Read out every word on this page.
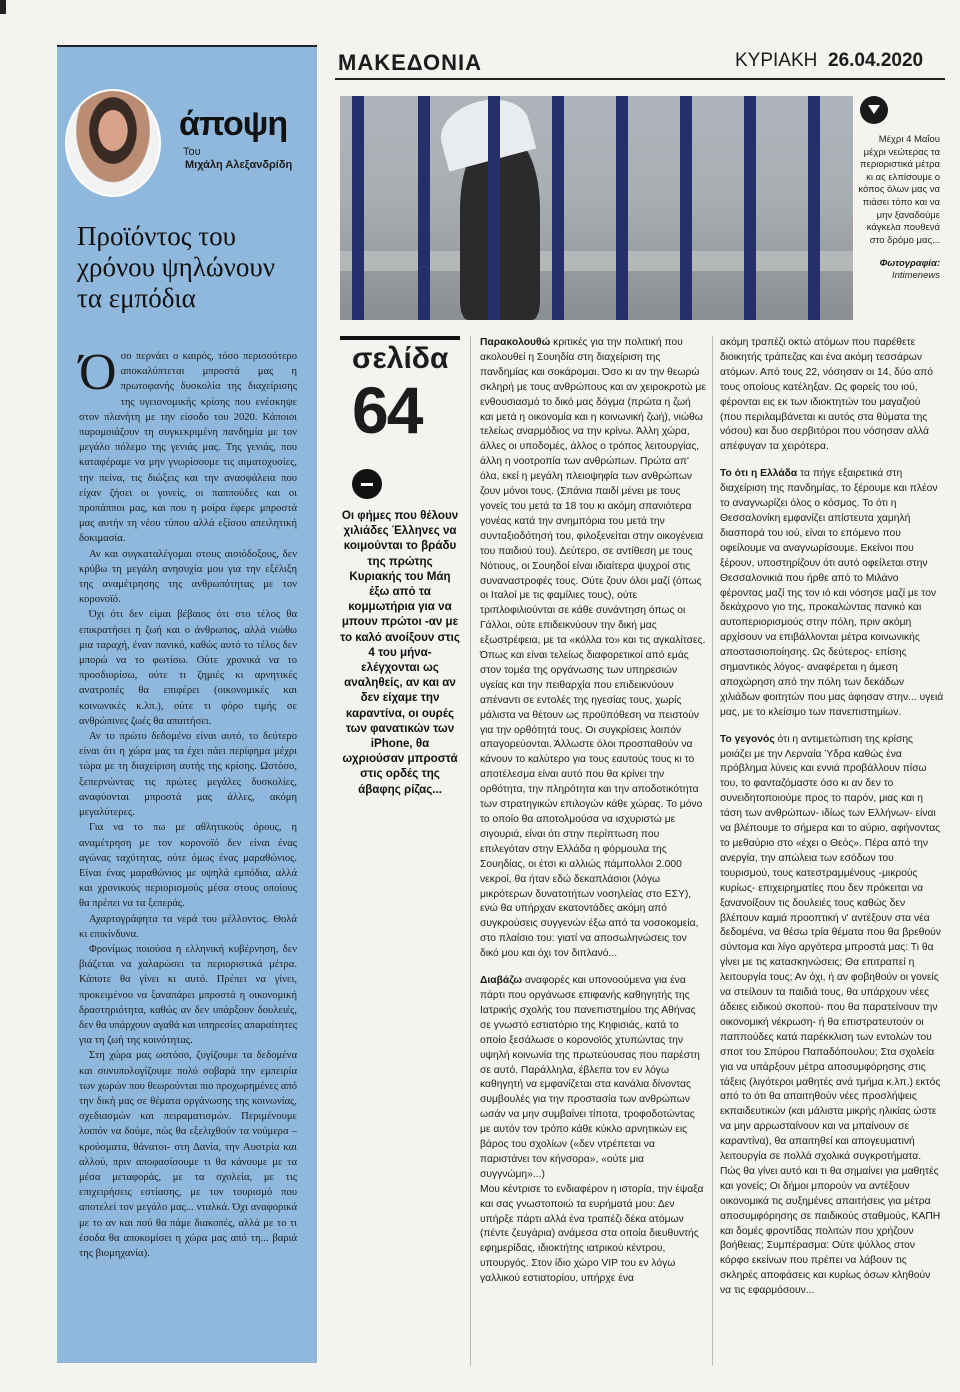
άποψη
Του
Μιχάλη Αλεξανδρίδη
Προϊόντος του χρόνου ψηλώνουν τα εμπόδια

Όσο περνάει ο καιρός, τόσο περισσότερο αποκαλύπτεται μπροστά μας η πρωτοφανής δυσκολία της διαχείρισης της υγειονομικής κρίσης που ενέσκηψε στον πλανήτη με την είσοδο του 2020. Κάποιοι παρομοιάζουν τη συγκεκριμένη πανδημία με τον μεγάλο πόλεμο της γενιάς μας. Της γενιάς, που καταφέραμε να μην γνωρίσουμε τις αιματοχυσίες, την πείνα, τις διώξεις και την ανασφάλεια που είχαν ζήσει οι γονείς, οι παππούδες και οι προπάπποι μας, και που η μοίρα έφερε μπροστά μας αυτήν τη νέου τύπου αλλά εξίσου απειλητική δοκιμασία.

Αν και συγκαταλέγομαι στους αισιόδοξους, δεν κρύβω τη μεγάλη ανησυχία μου για την εξέλιξη της αναμέτρησης της ανθρωπότητας με τον κορονοϊό.

Όχι ότι δεν είμαι βέβαιος ότι στο τέλος θα επικρατήσει η ζωή και ο άνθρωπος, αλλά νιώθω μια ταραχή, έναν πανικό, καθώς αυτό το τέλος δεν μπορώ να το φωτίσω. Ούτε χρονικά να το προσδιορίσω, ούτε τι ζημιές κι αρνητικές ανατροπές θα επιφέρει (οικονομικές και κοινωνικές κ.λπ.), ούτε τι φόρο τιμής σε ανθρώπινες ζωές θα απαιτήσει.

Αν το πρώτο δεδομένο είναι αυτό, το δεύτερο είναι ότι η χώρα μας τα έχει πάει περίφημα μέχρι τώρα με τη διαχείριση αυτής της κρίσης. Ωστόσο, ξεπερνώντας τις πρώτες μεγάλες δυσκολίες, αναφύονται μπροστά μας άλλες, ακόμη μεγαλύτερες.

Για να το πω με αθλητικούς όρους, η αναμέτρηση με τον κορονοϊό δεν είναι ένας αγώνας ταχύτητας, ούτε όμως ένας μαραθώνιος. Είναι ένας μαραθώνιος με υψηλά εμπόδια, αλλά και χρονικούς περιορισμούς μέσα στους οποίους θα πρέπει να τα ξεπεράς.

Αχαρτογράφητα τα νερά του μέλλοντος. Θολά κι επικίνδυνα.

Φρονίμως ποιούσα η ελληνική κυβέρνηση, δεν βιάζεται να χαλαρώσει τα περιοριστικά μέτρα. Κάποτε θα γίνει κι αυτό. Πρέπει να γίνει, προκειμένου να ξαναπάρει μπροστά η οικονομική δραστηριότητα, καθώς αν δεν υπάρξουν δουλειές, δεν θα υπάρχουν αγαθά και υπηρεσίες απαραίτητες για τη ζωή της κοινότητας.

Στη χώρα μας ωστόσο, ζυγίζουμε τα δεδομένα και συνυπολογίζουμε πολύ σοβαρά την εμπειρία των χωρών που θεωρούνται πιο προχωρημένες από την δική μας σε θέματα οργάνωσης της κοινωνίας, σχεδιασμών και πειραματισμών. Περιμένουμε λοιπόν να δούμε, πώς θα εξελιχθούν τα νούμερα –κρούσματα, θάνατοι- στη Δανία, την Αυστρία και αλλού, πριν αποφασίσουμε τι θα κάνουμε με τα μέσα μεταφοράς, με τα σχολεία, με τις επιχειρήσεις εστίασης, με τον τουρισμό που αποτελεί τον μεγάλο μας... νταλκά. Όχι αναφορικά με το αν και πού θα πάμε διακοπές, αλλά με το τι έσοδα θα αποκομίσει η χώρα μας από τη... βαριά της βιομηχανία).

ΜΑΚΕΔΟΝΙΑ	ΚΥΡΙΑΚΗ 26.04.2020
Μέχρι 4 Μαΐου μέχρι νεώτερας τα περιοριστικά μέτρα κι ας ελπίσουμε ο κόπος όλων μας να πιάσει τόπο και να μην ξαναδούμε κάγκελα πουθενά στο δρόμο μας...
Φωτογραφία:
Intimenews
σελίδα
64
Οι φήμες που θέλουν χιλιάδες Έλληνες να κοιμούνται το βράδυ της πρώτης Κυριακής του Μάη έξω από τα κομμωτήρια για να μπουν πρώτοι -αν με το καλό ανοίξουν στις 4 του μήνα- ελέγχονται ως αναληθείς, αν και αν δεν είχαμε την καραντίνα, οι ουρές των φανατικών των iPhone, θα ωχριούσαν μπροστά στις ορδές της άβαφης ρίζας...

Παρακολουθώ κριτικές για την πολιτική που ακολουθεί η Σουηδία στη διαχείριση της πανδημίας και σοκάρομαι. Όσο κι αν την θεωρώ σκληρή με τους ανθρώπους και αν χειροκροτώ με ενθουσιασμό το δικό μας δόγμα (πρώτα η ζωή και μετά η οικονομία και η κοινωνική ζωή), νιώθω τελείως αναρμόδιος να την κρίνω. Άλλη χώρα, άλλες οι υποδομές, άλλος ο τρόπος λειτουργίας, άλλη η νοοτροπία των ανθρώπων. Πρώτα απ' όλα, εκεί η μεγάλη πλειοψηφία των ανθρώπων ζουν μόνοι τους. (Σπάνια παιδί μένει με τους γονείς του μετά τα 18 του κι ακόμη σπανιότερα γονέας κατά την ανημπόρια του μετά την συνταξιοδότησή του, φιλοξενείται στην οικογένεια του παιδιού του). Δεύτερο, σε αντίθεση με τους Νότιους, οι Σουηδοί είναι ιδιαίτερα ψυχροί στις συναναστροφές τους. Ούτε ζουν όλοι μαζί (όπως οι Ιταλοί με τις φαμίλιες τους), ούτε τριπλοφιλιούνται σε κάθε συνάντηση όπως οι Γάλλοι, ούτε επιδεικνύουν την δική μας εξωστρέφεια, με τα «κόλλα το» και τις αγκαλίτσες.

Όπως και είναι τελείως διαφορετικοί από εμάς στον τομέα της οργάνωσης των υπηρεσιών υγείας και την πειθαρχία που επιδεικνύουν απέναντι σε εντολές της ηγεσίας τους, χωρίς μάλιστα να θέτουν ως προϋπόθεση να πειστούν για την ορθότητά τους. Οι συγκρίσεις λοιπόν απαγορεύονται. Άλλωστε όλοι προσπαθούν να κάνουν το καλύτερο για τους εαυτούς τους κι το αποτέλεσμα είναι αυτό που θα κρίνει την ορθότητα, την πληρότητα και την αποδοτικότητα των στρατηγικών επιλογών κάθε χώρας. Το μόνο το οποίο θα αποτολμούσα να ισχυριστώ με σιγουριά, είναι ότι στην περίπτωση που επιλεγόταν στην Ελλάδα η φόρμουλα της Σουηδίας, οι έτσι κι αλλιώς πάμπολλοι 2.000 νεκροί, θα ήταν εδώ δεκαπλάσιοι (λόγω μικρότερων δυνατοτήτων νοσηλείας στο ΕΣΥ), ενώ θα υπήρχαν εκατοντάδες ακόμη από συγκρούσεις συγγενών έξω από τα νοσοκομεία, στο πλαίσιο του: γιατί να αποσωληνώσεις τον δικό μου και όχι τον διπλανό...

Διαβάζω αναφορές και υπονοούμενα για ένα πάρτι που οργάνωσε επιφανής καθηγητής της Ιατρικής σχολής του πανεπιστημίου της Αθήνας σε γνωστό εστιατόριο της Κηφισιάς, κατά το οποίο ξεσάλωσε ο κορονοϊός χτυπώντας την υψηλή κοινωνία της πρωτεύουσας που παρέστη σε αυτό. Παράλληλα, έβλεπα τον εν λόγω καθηγητή να εμφανίζεται στα κανάλια δίνοντας συμβουλές για την προστασία των ανθρώπων ωσάν να μην συμβαίνει τίποτα, τροφοδοτώντας με αυτόν τον τρόπο κάθε κύκλο αρνητικών εις βάρος του σχολίων («δεν ντρέπεται να παριστάνει τον κήνσορα», «ούτε μια συγγνώμη»...)

Μου κέντρισε το ενδιαφέρον η ιστορία, την έψαξα και σας γνωστοποιώ τα ευρήματά μου: Δεν υπήρξε πάρτι αλλά ένα τραπέζι δέκα ατόμων (πέντε ζευγάρια) ανάμεσα στα οποία διευθυντής εφημερίδας, ιδιοκτήτης ιατρικού κέντρου, υπουργός. Στον ίδιο χώρο VIP του εν λόγω γαλλικού εστιατορίου, υπήρχε ένα

ακόμη τραπέζι οκτώ ατόμων που παρέθετε διοικητής τράπεζας και ένα ακόμη τεσσάρων ατόμων. Από τους 22, νόσησαν οι 14, δύο από τους οποίους κατέληξαν. Ως φορείς του ιού, φέρονται εις εκ των ιδιοκτητών του μαγαζιού (που περιλαμβάνεται κι αυτός στα θύματα της νόσου) και δυο σερβιτόροι που νόσησαν αλλά απέφυγαν τα χειρότερα.

Το ότι η Ελλάδα τα πήγε εξαιρετικά στη διαχείριση της πανδημίας, το ξέρουμε και πλέον το αναγνωρίζει όλος ο κόσμος. Το ότι η Θεσσαλονίκη εμφανίζει απίστευτα χαμηλή διασπορά του ιού, είναι το επόμενο που οφείλουμε να αναγνωρίσουμε. Εκείνοι που ξέρουν, υποστηρίζουν ότι αυτό οφείλεται στην Θεσσαλονικιά που ήρθε από το Μιλάνο φέροντας μαζί της τον ιό και νόσησε μαζί με τον δεκάχρονο γιο της, προκαλώντας πανικό και αυτοπεριορισμούς στην πόλη, πριν ακόμη αρχίσουν να επιβάλλονται μέτρα κοινωνικής αποστασιοποίησης. Ως δεύτερος- επίσης σημαντικός λόγος- αναφέρεται η άμεση αποχώρηση από την πόλη των δεκάδων χιλιάδων φοιτητών που μας άφησαν στην... υγειά μας, με το κλείσιμο των πανεπιστημίων.

Το γεγονός ότι η αντιμετώπιση της κρίσης μοιάζει με την Λερναία Ύδρα καθώς ένα πρόβλημα λύνεις και εννιά προβάλλουν πίσω του, το φανταζόμαστε όσο κι αν δεν το συνειδητοποιούμε προς το παρόν, μιας και η τάση των ανθρώπων- ιδίως των Ελλήνων- είναι να βλέπουμε το σήμερα και το αύριο, αφήνοντας το μεθαύριο στο «έχει ο Θεός». Πέρα από την ανεργία, την απώλεια των εσόδων του τουρισμού, τους κατεστραμμένους -μικρούς κυρίως- επιχειρηματίες που δεν πρόκειται να ξανανοίξουν τις δουλειές τους καθώς δεν βλέπουν καμιά προοπτική ν' αντέξουν στα νέα δεδομένα, να θέσω τρία θέματα που θα βρεθούν σύντομα και λίγο αργότερα μπροστά μας: Τι θα γίνει με τις κατασκηνώσεις; Θα επιτραπεί η λειτουργία τους; Αν όχι, ή αν φοβηθούν οι γονείς να στείλουν τα παιδιά τους, θα υπάρχουν νέες άδειες ειδικού σκοπού- που θα παρατείνουν την οικονομική νέκρωση- ή θα επιστρατευτούν οι παππούδες κατά παρέκκλιση των εντολών του σποτ του Σπύρου Παπαδόπουλου; Στα σχολεία για να υπάρξουν μέτρα αποσυμφόρησης στις τάξεις (λιγότεροι μαθητές ανά τμήμα κ.λπ.) εκτός από το ότι θα απαιτηθούν νέες προσλήψεις εκπαιδευτικών (και μάλιστα μικρής ηλικίας ώστε να μην αρρωσταίνουν και να μπαίνουν σε καραντίνα), θα απαιτηθεί και απογευματινή λειτουργία σε πολλά σχολικά συγκροτήματα. Πώς θα γίνει αυτό και τι θα σημαίνει για μαθητές και γονείς; Οι δήμοι μπορούν να αντέξουν οικονομικά τις αυξημένες απαιτήσεις για μέτρα αποσυμφόρησης σε παιδικούς σταθμούς, ΚΑΠΗ και δομές φροντίδας πολιτών που χρήζουν βοήθειας; Συμπέρασμα: Ούτε ψύλλος στον κόρφο εκείνων που πρέπει να λάβουν τις σκληρές αποφάσεις και κυρίως όσων κληθούν να τις εφαρμόσουν...
